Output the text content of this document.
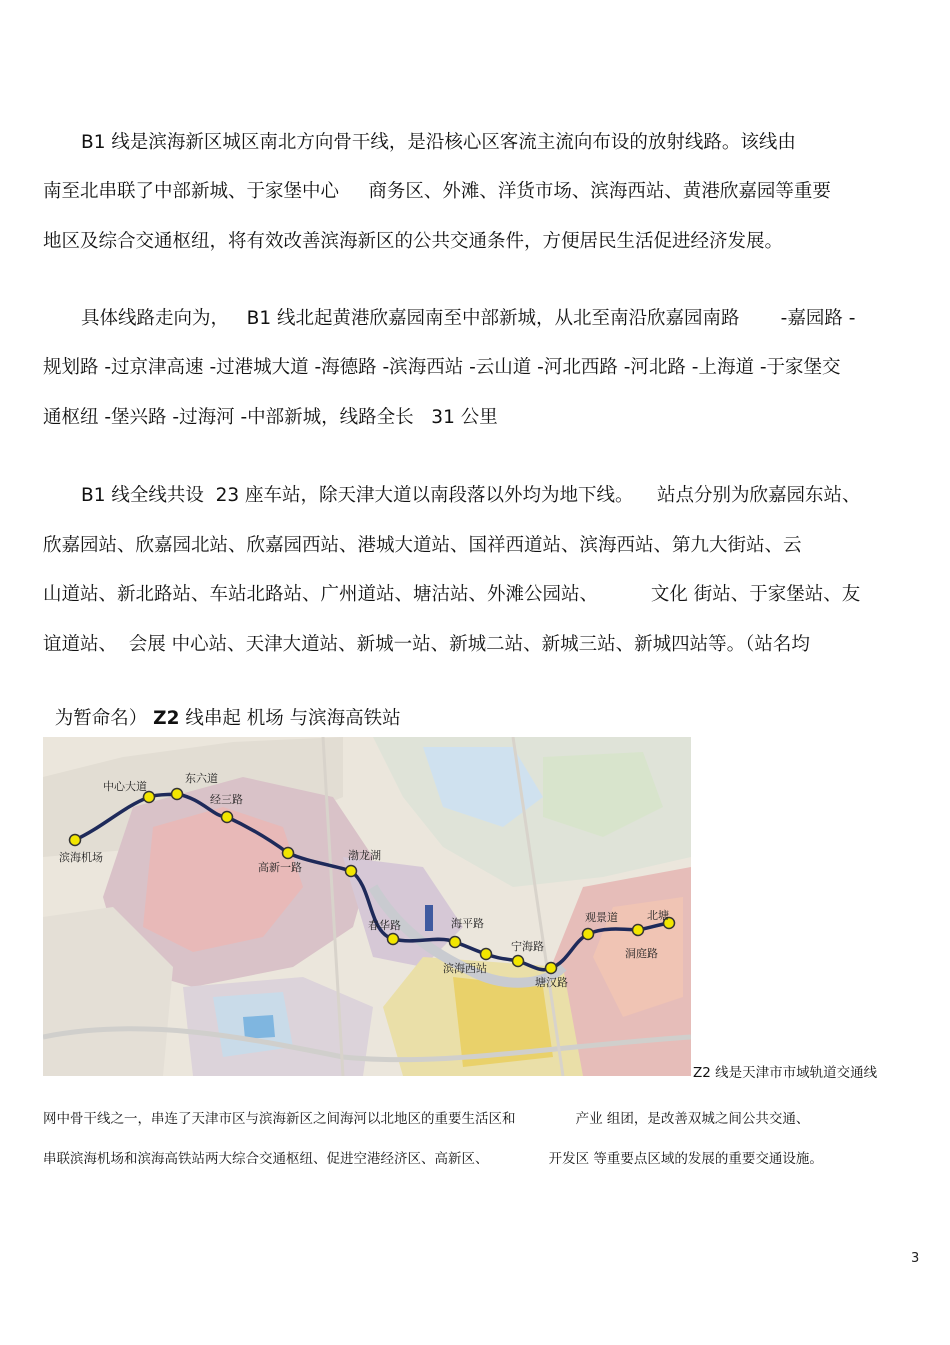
B1 线是滨海新区城区南北方向骨干线，是沿核心区客流主流向布设的放射线路。该线由
南至北串联了中部新城、于家堡中心     商务区、外滩、洋货市场、滨海西站、黄港欣嘉园等重要
地区及综合交通枢纽，将有效改善滨海新区的公共交通条件，方便居民生活促进经济发展。
具体线路走向为，   B1 线北起黄港欣嘉园南至中部新城，从北至南沿欣嘉园南路       -嘉园路 -
规划路 -过京津高速 -过港城大道 -海德路 -滨海西站 -云山道 -河北西路 -河北路 -上海道 -于家堡交
通枢纽 -堡兴路 -过海河 -中部新城，线路全长   31 公里
B1 线全线共设  23 座车站，除天津大道以南段落以外均为地下线。    站点分别为欣嘉园东站、
欣嘉园站、欣嘉园北站、欣嘉园西站、港城大道站、国祥西道站、滨海西站、第九大街站、云
山道站、新北路站、车站北路站、广州道站、塘沽站、外滩公园站、         文化 街站、于家堡站、友
谊道站、  会展 中心站、天津大道站、新城一站、新城二站、新城三站、新城四站等。（站名均

为暂命名） Z2 线串起 机场 与滨海高铁站

滨海机场
中心大道
东六道
经三路
高新一路
渤龙湖
春华路	海平路
滨海西站
宁海路
塘汉路
观景道
洞庭路
北塘
Z2 线是天津市市域轨道交通线
网中骨干线之一，串连了天津市区与滨海新区之间海河以北地区的重要生活区和              产业 组团，是改善双城之间公共交通、
串联滨海机场和滨海高铁站两大综合交通枢纽、促进空港经济区、高新区、              开发区 等重要点区域的发展的重要交通设施。
3
